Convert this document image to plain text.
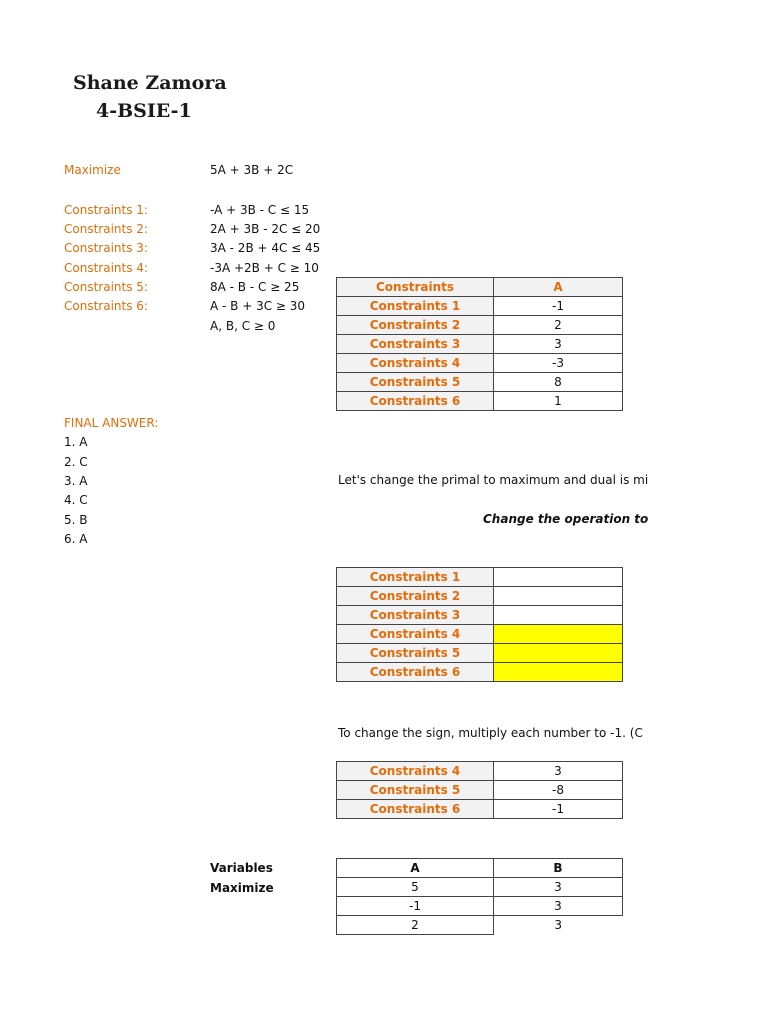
Shane Zamora
4-BSIE-1
Maximize	5A + 3B + 2C
Constraints 1:	-A + 3B - C ≤ 15
Constraints 2:	2A + 3B - 2C ≤ 20
Constraints 3:	3A - 2B + 4C ≤ 45
Constraints 4:	-3A +2B + C ≥ 10
Constraints 5:	8A - B - C ≥ 25
Constraints 6:	A - B + 3C ≥ 30
A, B, C ≥ 0
Constraints	A
Constraints 1	-1
Constraints 2	2
Constraints 3	3
Constraints 4	-3
Constraints 5	8
Constraints 6	1
FINAL ANSWER:
1. A
2. C
3. A
4. C
5. B
6. A
Let's change the primal to maximum and dual is mi
Change the operation to
Constraints 1	
Constraints 2	
Constraints 3	
Constraints 4	
Constraints 5	
Constraints 6	
To change the sign, multiply each number to -1. (C
Constraints 4	3
Constraints 5	-8
Constraints 6	-1
Variables
Maximize
A	B
5	3
-1	3
2	3
